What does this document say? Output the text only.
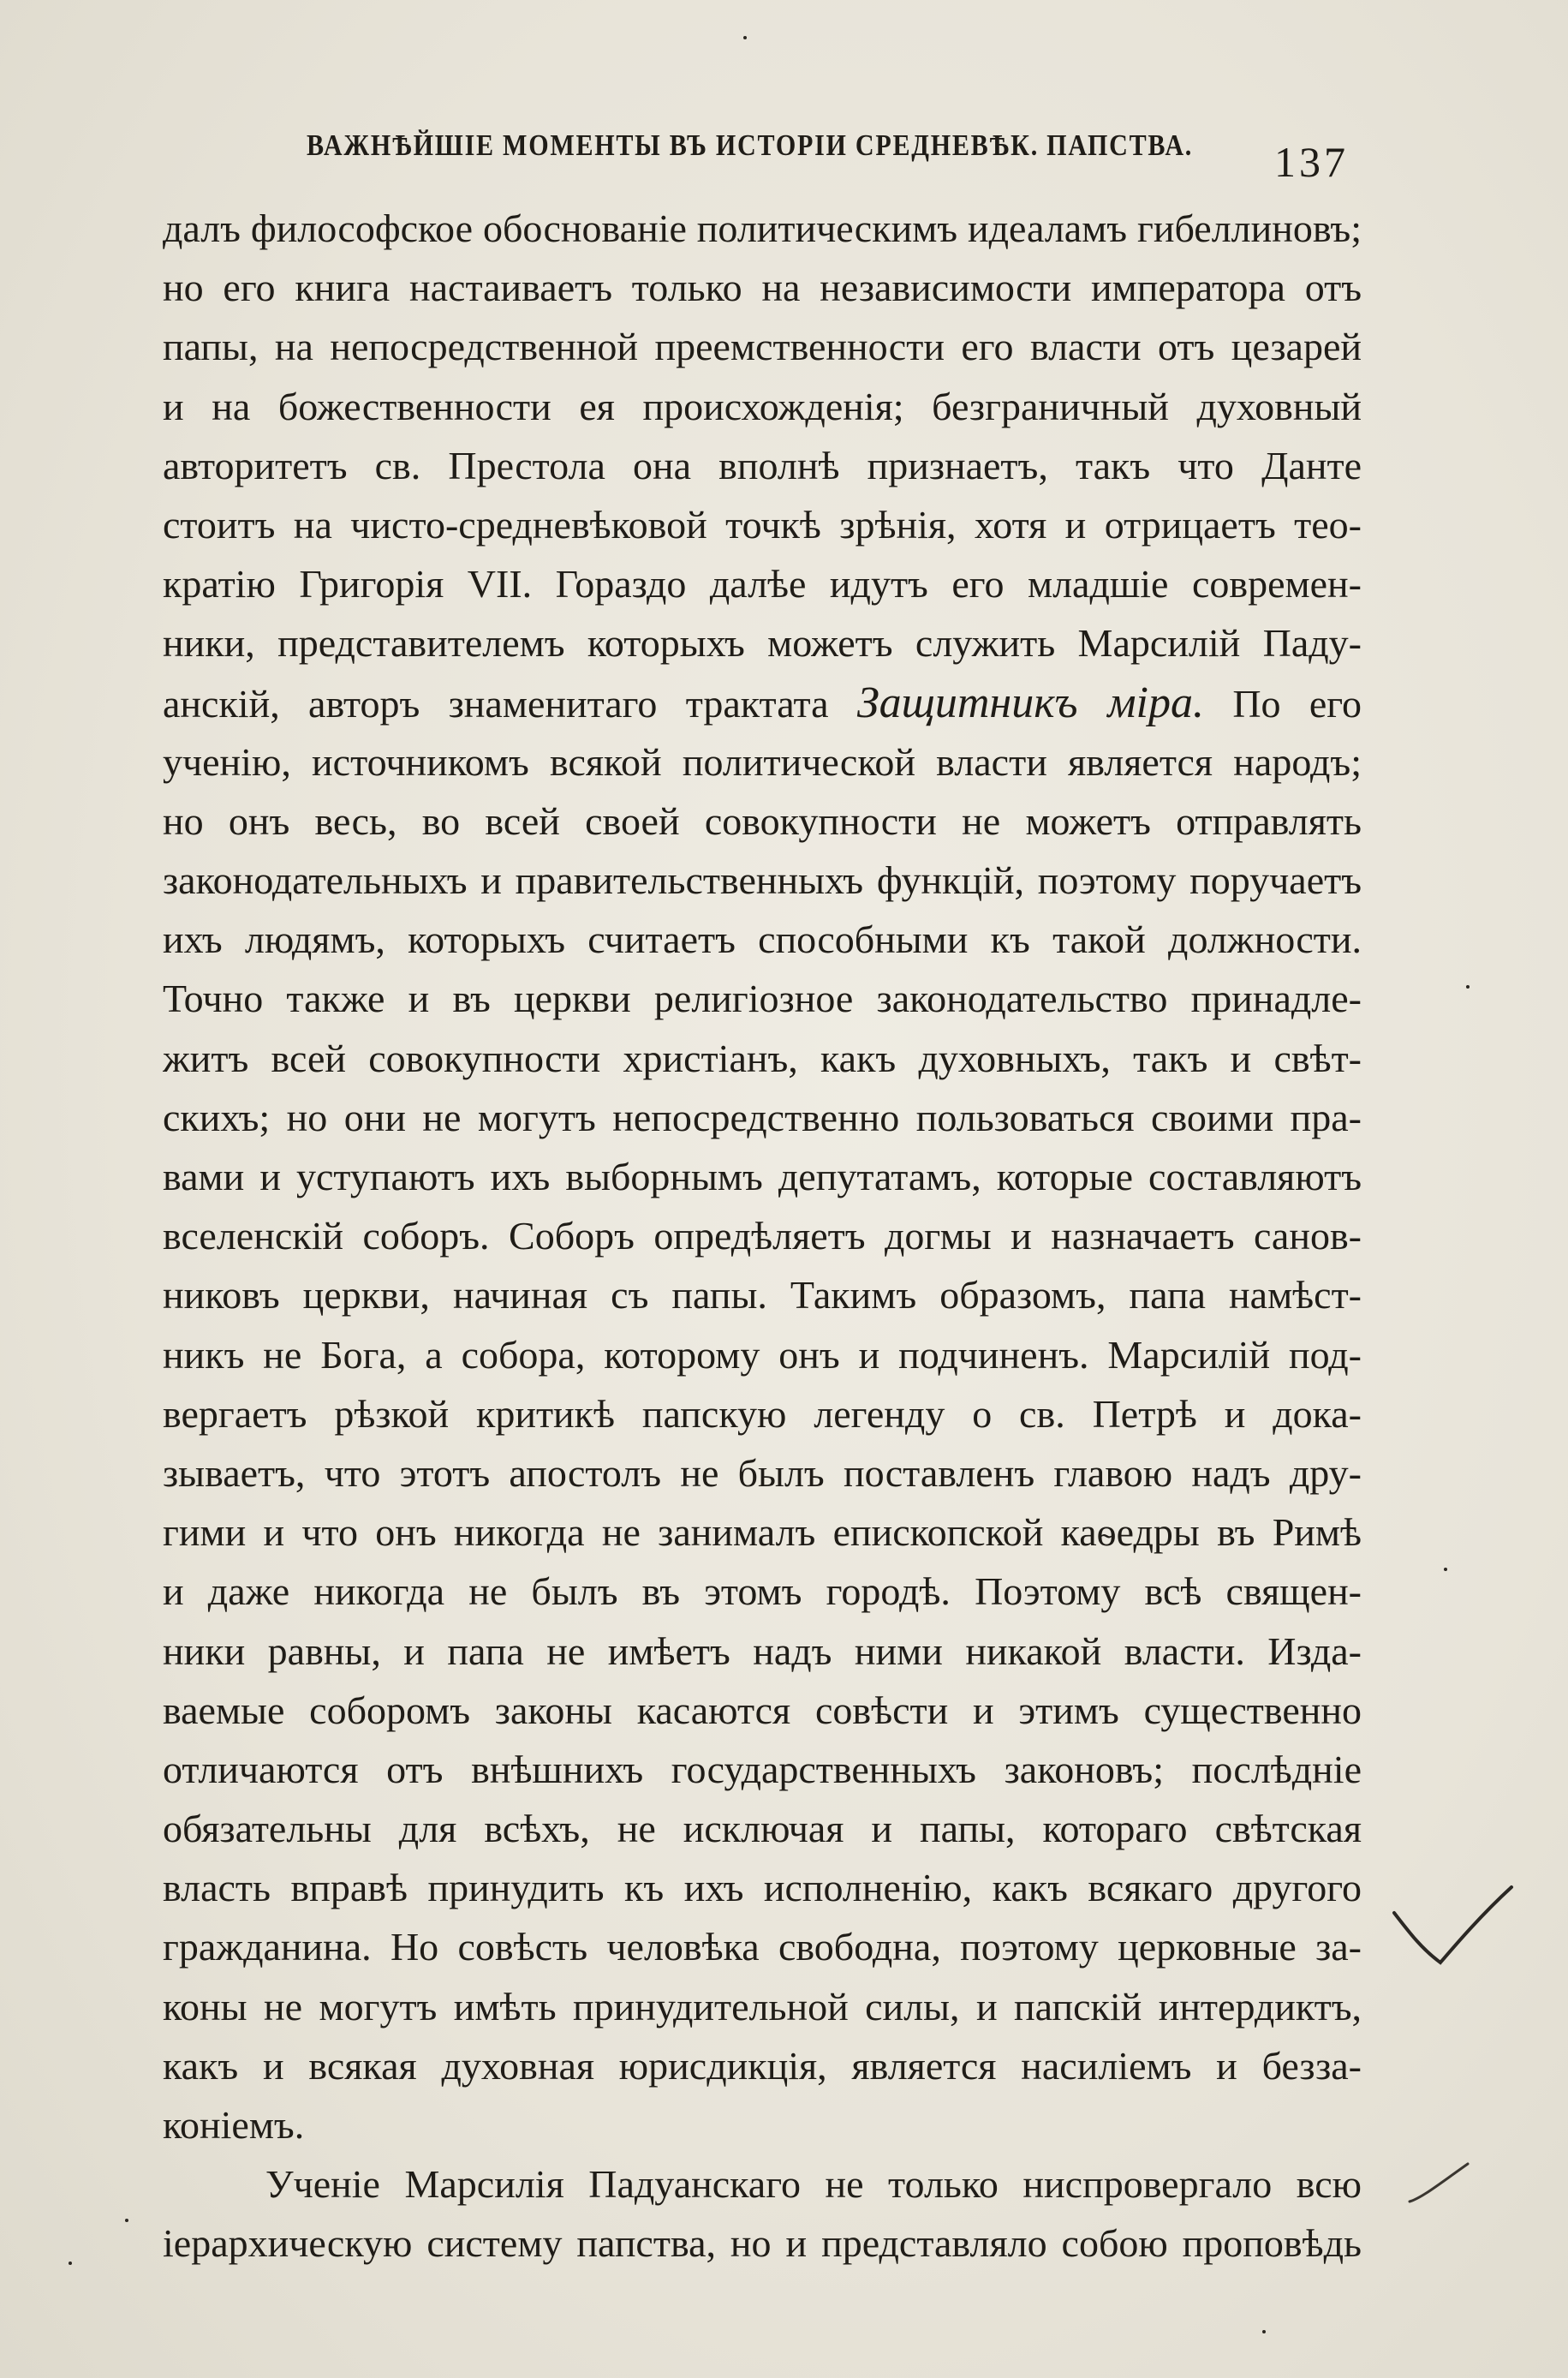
ВАЖНѢЙШІЕ МОМЕНТЫ ВЪ ИСТОРІИ СРЕДНЕВѢК. ПАПСТВА. 137
далъ философское обоснованіе политическимъ идеаламъ гибеллиновъ;
но его книга настаиваетъ только на независимости императора отъ
папы, на непосредственной преемственности его власти отъ цезарей
и на божественности ея происхожденія; безграничный духовный
авторитетъ св. Престола она вполнѣ признаетъ, такъ что Данте
стоитъ на чисто-средневѣковой точкѣ зрѣнія, хотя и отрицаетъ тео-
кратію Григорія VII. Гораздо далѣе идутъ его младшіе современ-
ники, представителемъ которыхъ можетъ служить Марсилій Паду-
анскій, авторъ знаменитаго трактата Защитникъ міра. По его
ученію, источникомъ всякой политической власти является народъ;
но онъ весь, во всей своей совокупности не можетъ отправлять
законодательныхъ и правительственныхъ функцій, поэтому поручаетъ
ихъ людямъ, которыхъ считаетъ способными къ такой должности.
Точно также и въ церкви религіозное законодательство принадле-
житъ всей совокупности христіанъ, какъ духовныхъ, такъ и свѣт-
скихъ; но они не могутъ непосредственно пользоваться своими пра-
вами и уступаютъ ихъ выборнымъ депутатамъ, которые составляютъ
вселенскій соборъ. Соборъ опредѣляетъ догмы и назначаетъ санов-
никовъ церкви, начиная съ папы. Такимъ образомъ, папа намѣст-
никъ не Бога, а собора, которому онъ и подчиненъ. Марсилій под-
вергаетъ рѣзкой критикѣ папскую легенду о св. Петрѣ и дока-
зываетъ, что этотъ апостолъ не былъ поставленъ главою надъ дру-
гими и что онъ никогда не занималъ епископской каѳедры въ Римѣ
и даже никогда не былъ въ этомъ городѣ. Поэтому всѣ священ-
ники равны, и папа не имѣетъ надъ ними никакой власти. Изда-
ваемые соборомъ законы касаются совѣсти и этимъ существенно
отличаются отъ внѣшнихъ государственныхъ законовъ; послѣдніе
обязательны для всѣхъ, не исключая и папы, котораго свѣтская
власть вправѣ принудить къ ихъ исполненію, какъ всякаго другого
гражданина. Но совѣсть человѣка свободна, поэтому церковные за-
коны не могутъ имѣть принудительной силы, и папскій интердиктъ,
какъ и всякая духовная юрисдикція, является насиліемъ и безза-
коніемъ.
Ученіе Марсилія Падуанскаго не только ниспровергало всю
іерархическую систему папства, но и представляло собою проповѣдь
